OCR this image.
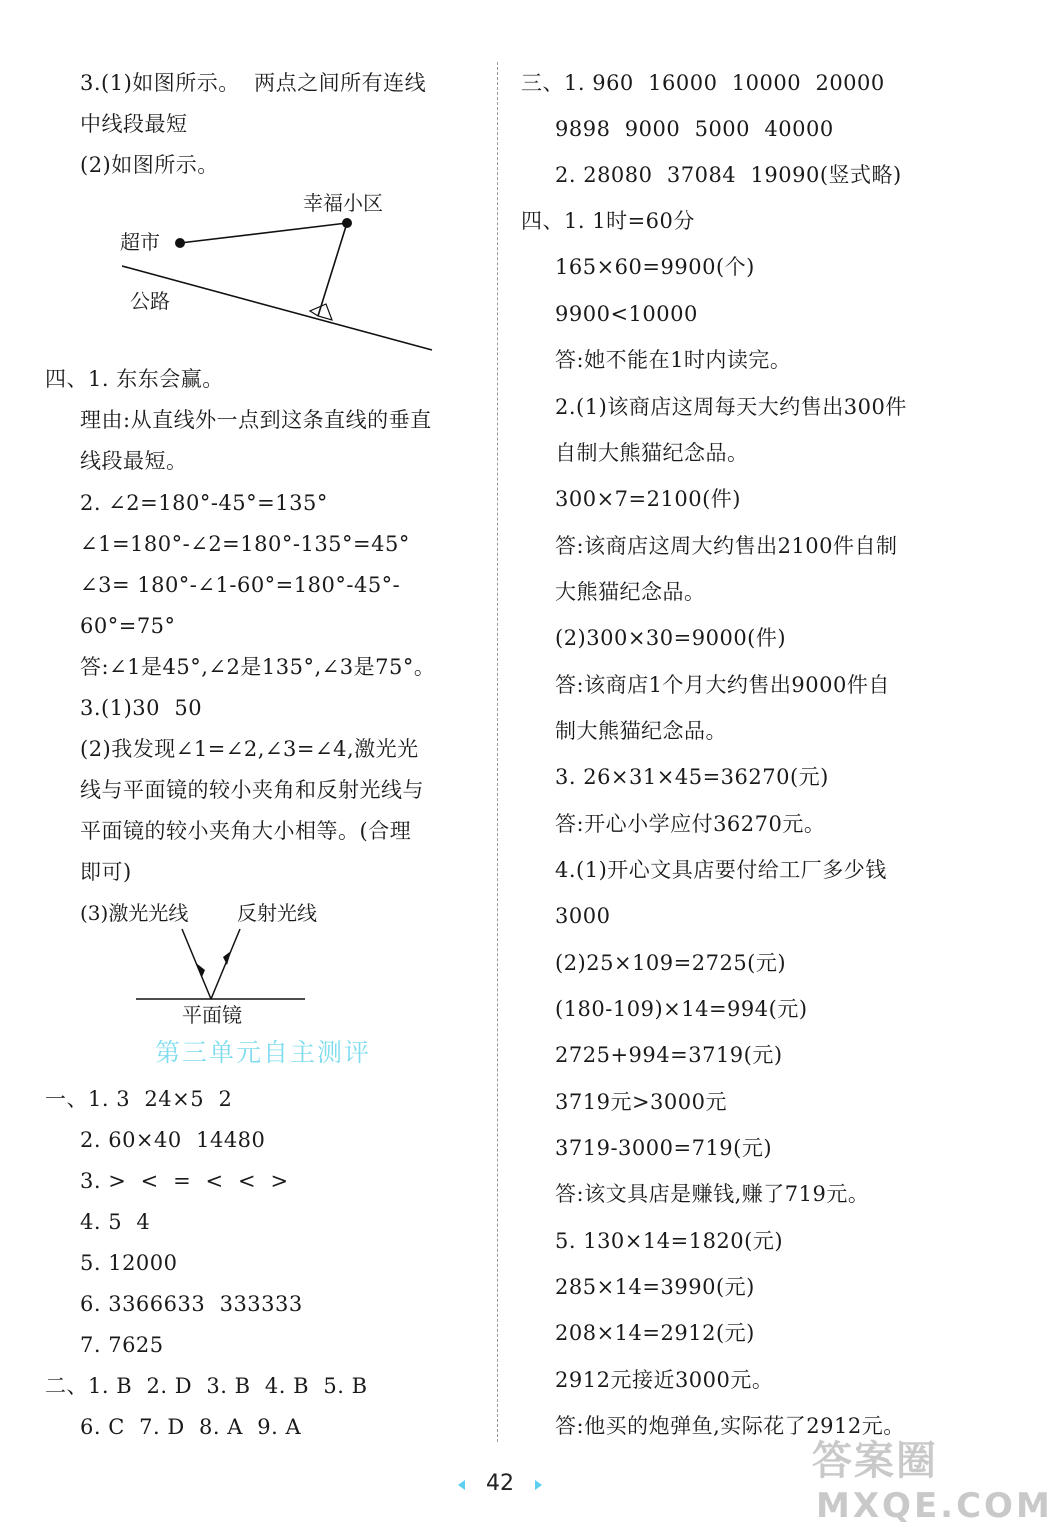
3.(1)如图所示。  两点之间所有连线
中线段最短
(2)如图所示。
幸福小区
超市
公路
四、1. 东东会赢。
理由:从直线外一点到这条直线的垂直
线段最短。
2. ∠2=180°-45°=135°
∠1=180°-∠2=180°-135°=45°
∠3= 180°-∠1-60°=180°-45°-
60°=75°
答:∠1是45°,∠2是135°,∠3是75°。
3.(1)30  50
(2)我发现∠1=∠2,∠3=∠4,激光光
线与平面镜的较小夹角和反射光线与
平面镜的较小夹角大小相等。(合理
即可)
(3)激光光线 反射光线
平面镜
第三单元自主测评
一、1. 3  24×5  2
2. 60×40  14480
3. >  <  =  <  <  >
4. 5  4
5. 12000
6. 3366633  333333
7. 7625
二、1. B  2. D  3. B  4. B  5. B
6. C  7. D  8. A  9. A
三、1. 960  16000  10000  20000
9898  9000  5000  40000
2. 28080  37084  19090(竖式略)
四、1. 1时=60分
165×60=9900(个)
9900<10000
答:她不能在1时内读完。
2.(1)该商店这周每天大约售出300件
自制大熊猫纪念品。
300×7=2100(件)
答:该商店这周大约售出2100件自制
大熊猫纪念品。
(2)300×30=9000(件)
答:该商店1个月大约售出9000件自
制大熊猫纪念品。
3. 26×31×45=36270(元)
答:开心小学应付36270元。
4.(1)开心文具店要付给工厂多少钱
3000
(2)25×109=2725(元)
(180-109)×14=994(元)
2725+994=3719(元)
3719元>3000元
3719-3000=719(元)
答:该文具店是赚钱,赚了719元。
5. 130×14=1820(元)
285×14=3990(元)
208×14=2912(元)
2912元接近3000元。
答:他买的炮弹鱼,实际花了2912元。
42	答案圈
MXQE.COM
